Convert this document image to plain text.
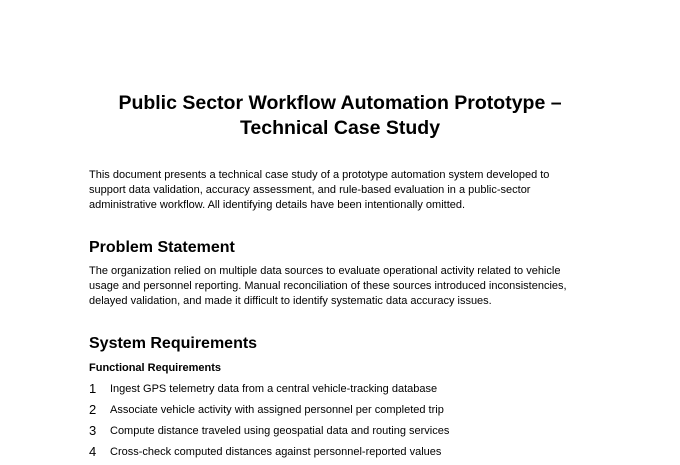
Public Sector Workflow Automation Prototype –
Technical Case Study

This document presents a technical case study of a prototype automation system developed to
support data validation, accuracy assessment, and rule-based evaluation in a public-sector
administrative workflow. All identifying details have been intentionally omitted.

Problem Statement

The organization relied on multiple data sources to evaluate operational activity related to vehicle
usage and personnel reporting. Manual reconciliation of these sources introduced inconsistencies,
delayed validation, and made it difficult to identify systematic data accuracy issues.

System Requirements
Functional Requirements
1 Ingest GPS telemetry data from a central vehicle-tracking database
2 Associate vehicle activity with assigned personnel per completed trip
3 Compute distance traveled using geospatial data and routing services
4 Cross-check computed distances against personnel-reported values
